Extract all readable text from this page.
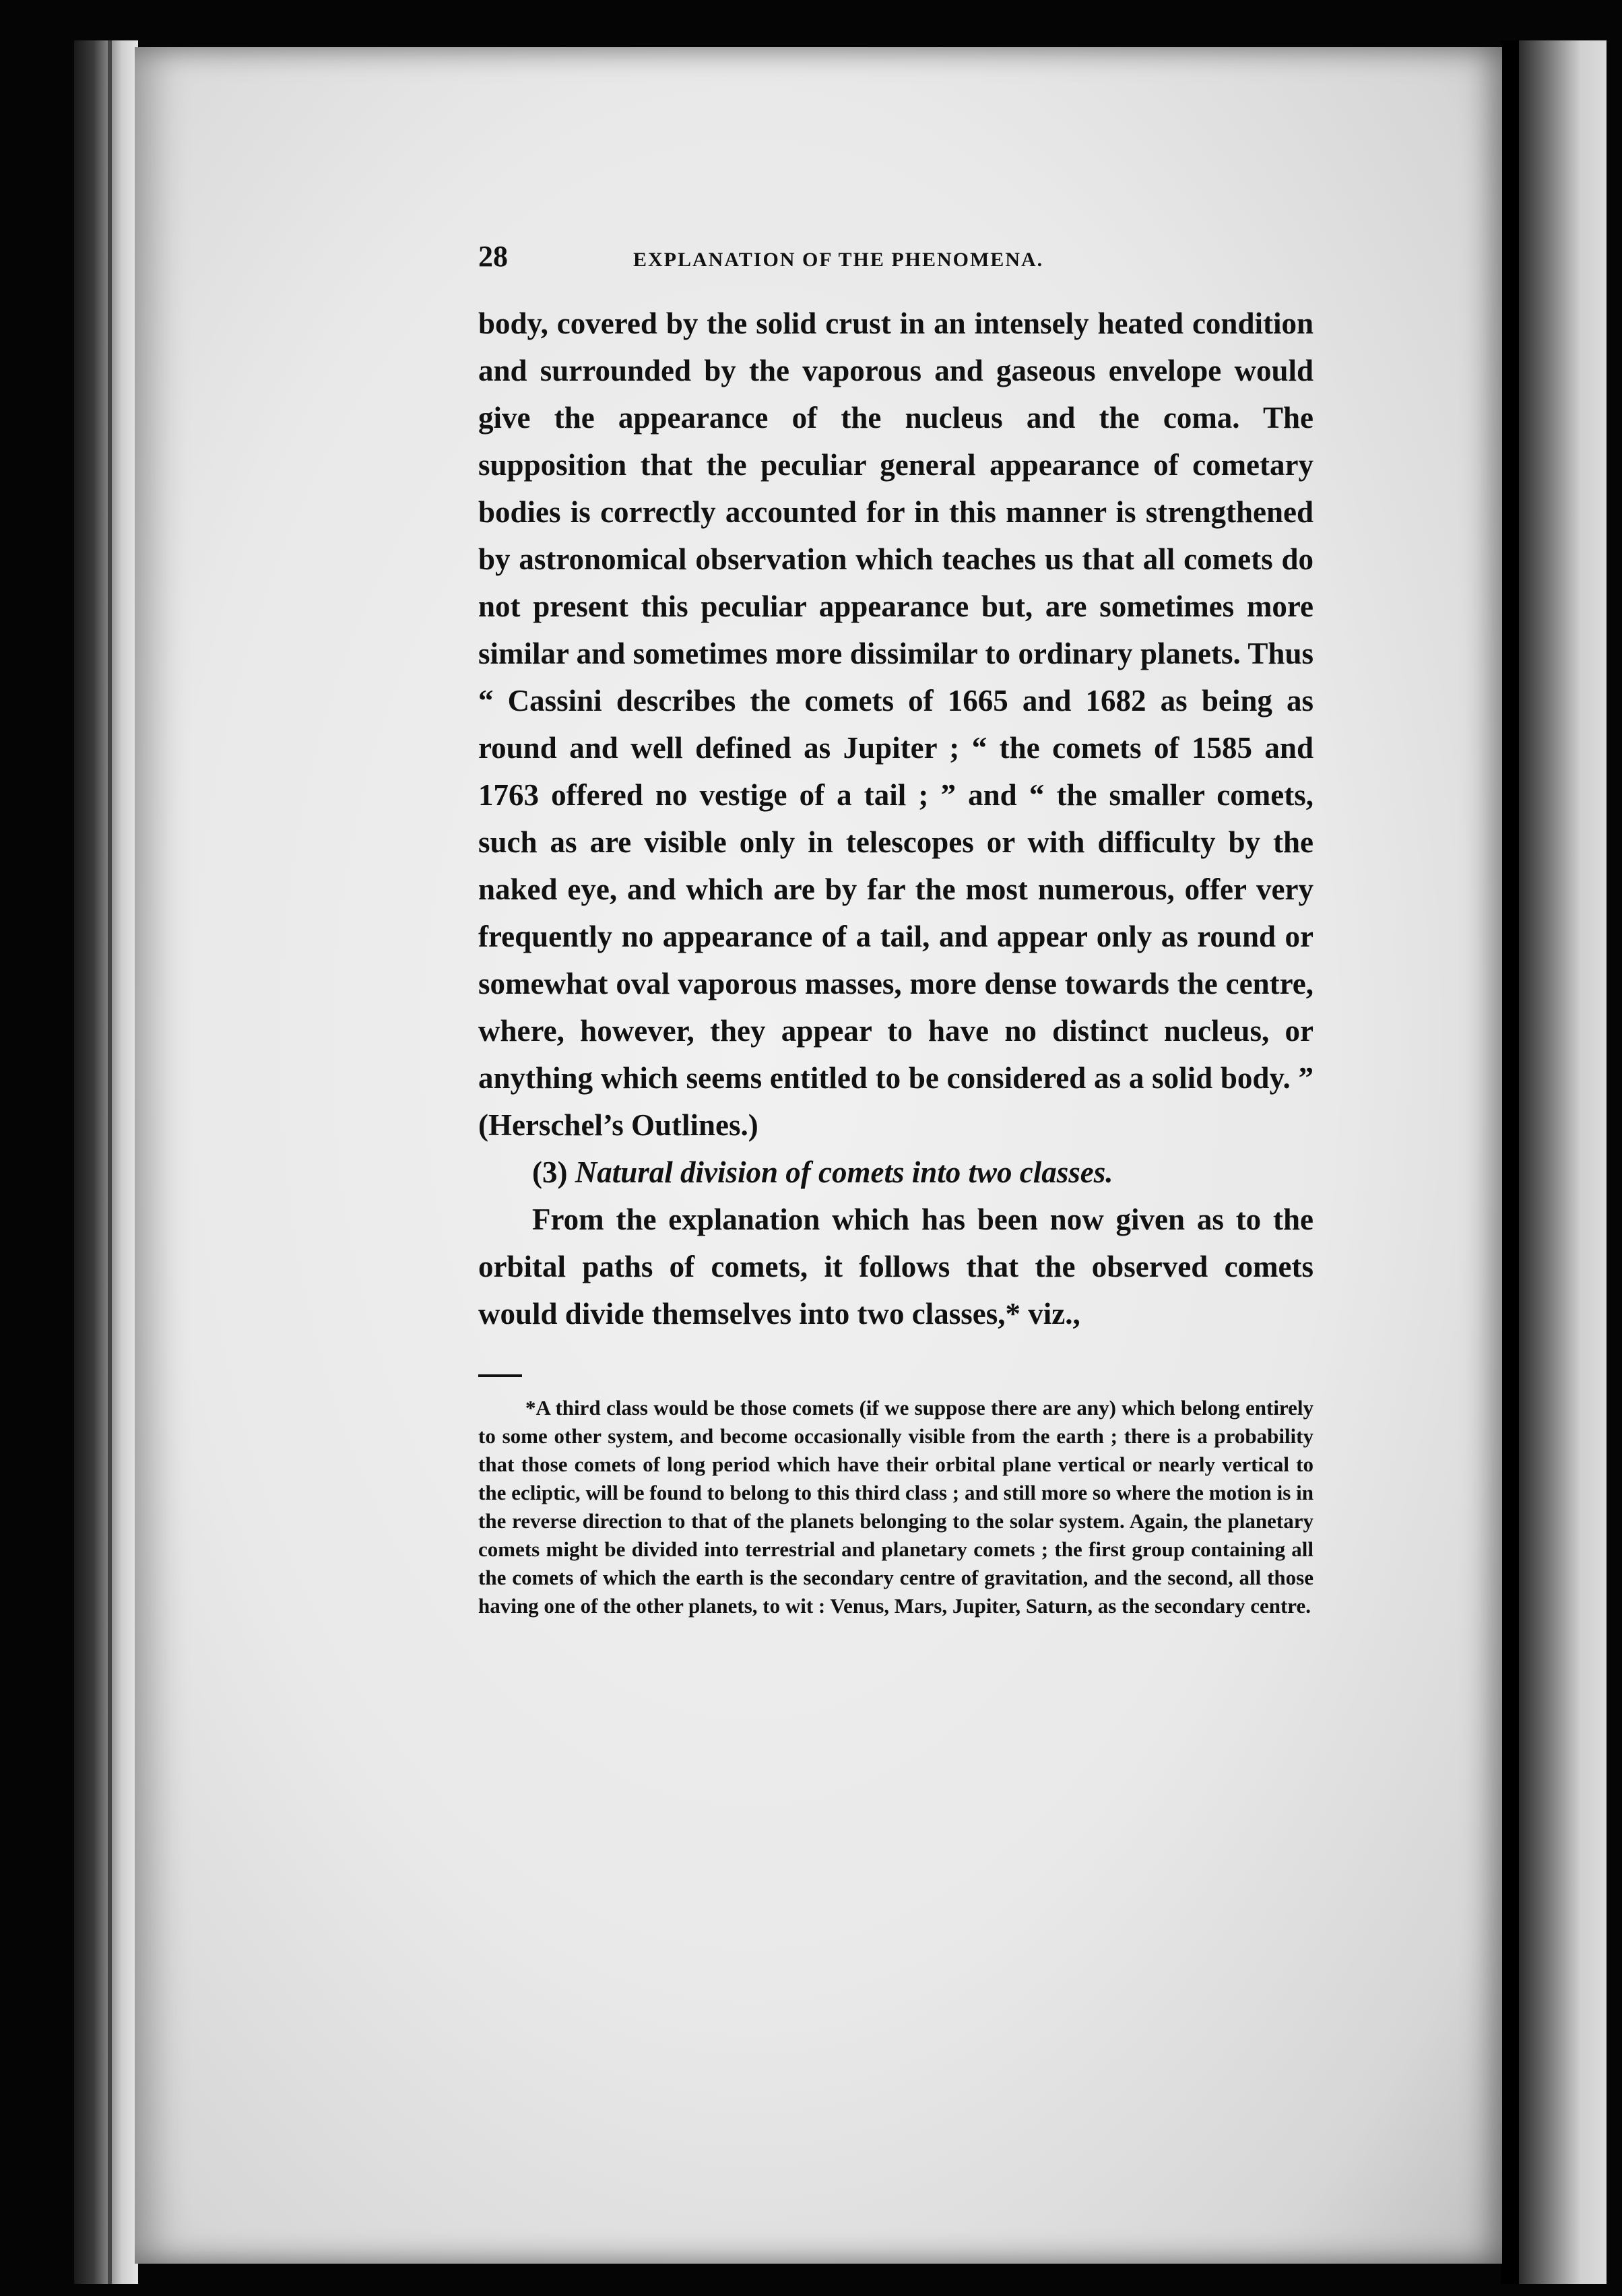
28	EXPLANATION OF THE PHENOMENA.

body, covered by the solid crust in an intensely heated condition and surrounded by the vaporous and gaseous envelope would give the appearance of the nucleus and the coma. The supposition that the peculiar general appearance of cometary bodies is correctly accounted for in this manner is strengthened by astronomical observation which teaches us that all comets do not present this peculiar appearance but, are sometimes more similar and sometimes more dissimilar to ordinary planets. Thus “ Cassini describes the comets of 1665 and 1682 as being as round and well defined as Jupiter ; “ the comets of 1585 and 1763 offered no vestige of a tail ; ” and “ the smaller comets, such as are visible only in telescopes or with difficulty by the naked eye, and which are by far the most numerous, offer very frequently no appearance of a tail, and appear only as round or somewhat oval vaporous masses, more dense towards the centre, where, however, they appear to have no distinct nucleus, or anything which seems entitled to be considered as a solid body. ” (Herschel’s Outlines.)

(3) Natural division of comets into two classes.

From the explanation which has been now given as to the orbital paths of comets, it follows that the observed comets would divide themselves into two classes,* viz.,

*A third class would be those comets (if we suppose there are any) which belong entirely to some other system, and become occasionally visible from the earth ; there is a probability that those comets of long period which have their orbital plane vertical or nearly vertical to the ecliptic, will be found to belong to this third class ; and still more so where the motion is in the reverse direction to that of the planets belonging to the solar system. Again, the planetary comets might be divided into terrestrial and planetary comets ; the first group containing all the comets of which the earth is the secondary centre of gravitation, and the second, all those having one of the other planets, to wit : Venus, Mars, Jupiter, Saturn, as the secondary centre.
